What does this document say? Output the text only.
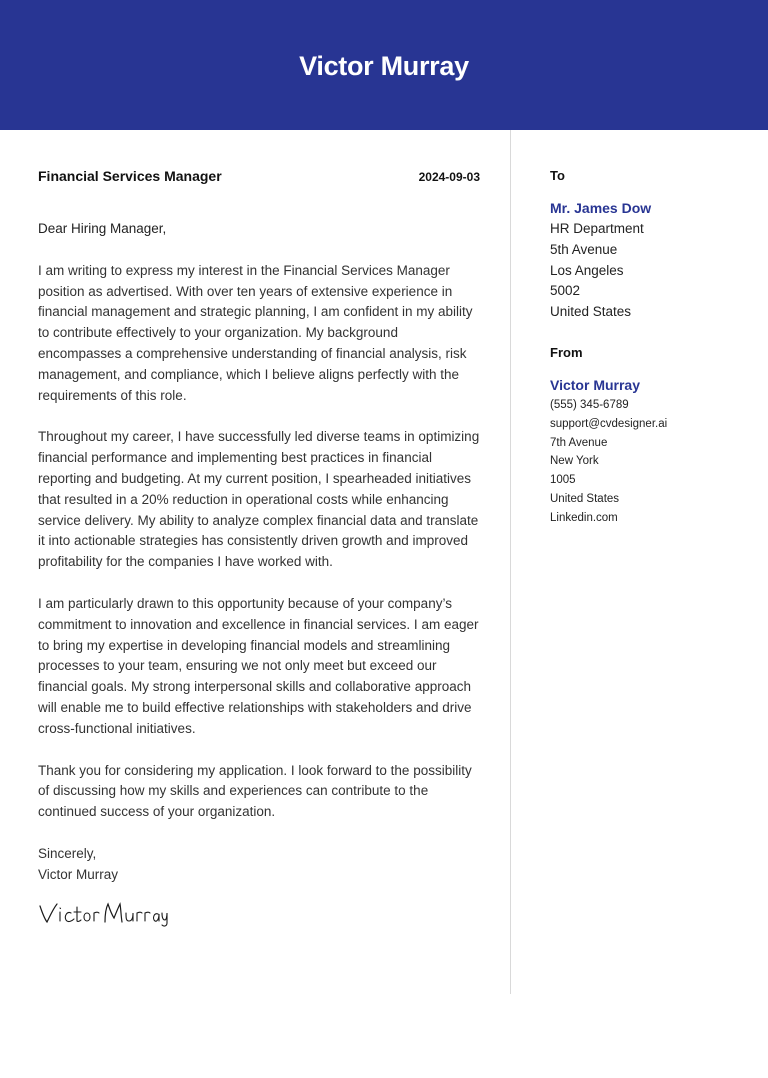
Victor Murray
Financial Services Manager	2024-09-03
Dear Hiring Manager,
I am writing to express my interest in the Financial Services Manager position as advertised. With over ten years of extensive experience in financial management and strategic planning, I am confident in my ability to contribute effectively to your organization. My background encompasses a comprehensive understanding of financial analysis, risk management, and compliance, which I believe aligns perfectly with the requirements of this role.
Throughout my career, I have successfully led diverse teams in optimizing financial performance and implementing best practices in financial reporting and budgeting. At my current position, I spearheaded initiatives that resulted in a 20% reduction in operational costs while enhancing service delivery. My ability to analyze complex financial data and translate it into actionable strategies has consistently driven growth and improved profitability for the companies I have worked with.
I am particularly drawn to this opportunity because of your company’s commitment to innovation and excellence in financial services. I am eager to bring my expertise in developing financial models and streamlining processes to your team, ensuring we not only meet but exceed our financial goals. My strong interpersonal skills and collaborative approach will enable me to build effective relationships with stakeholders and drive cross-functional initiatives.
Thank you for considering my application. I look forward to the possibility of discussing how my skills and experiences can contribute to the continued success of your organization.
Sincerely,
Victor Murray
To
Mr. James Dow
HR Department
5th Avenue
Los Angeles
5002
United States
From
Victor Murray
(555) 345-6789
support@cvdesigner.ai
7th Avenue
New York
1005
United States
Linkedin.com
